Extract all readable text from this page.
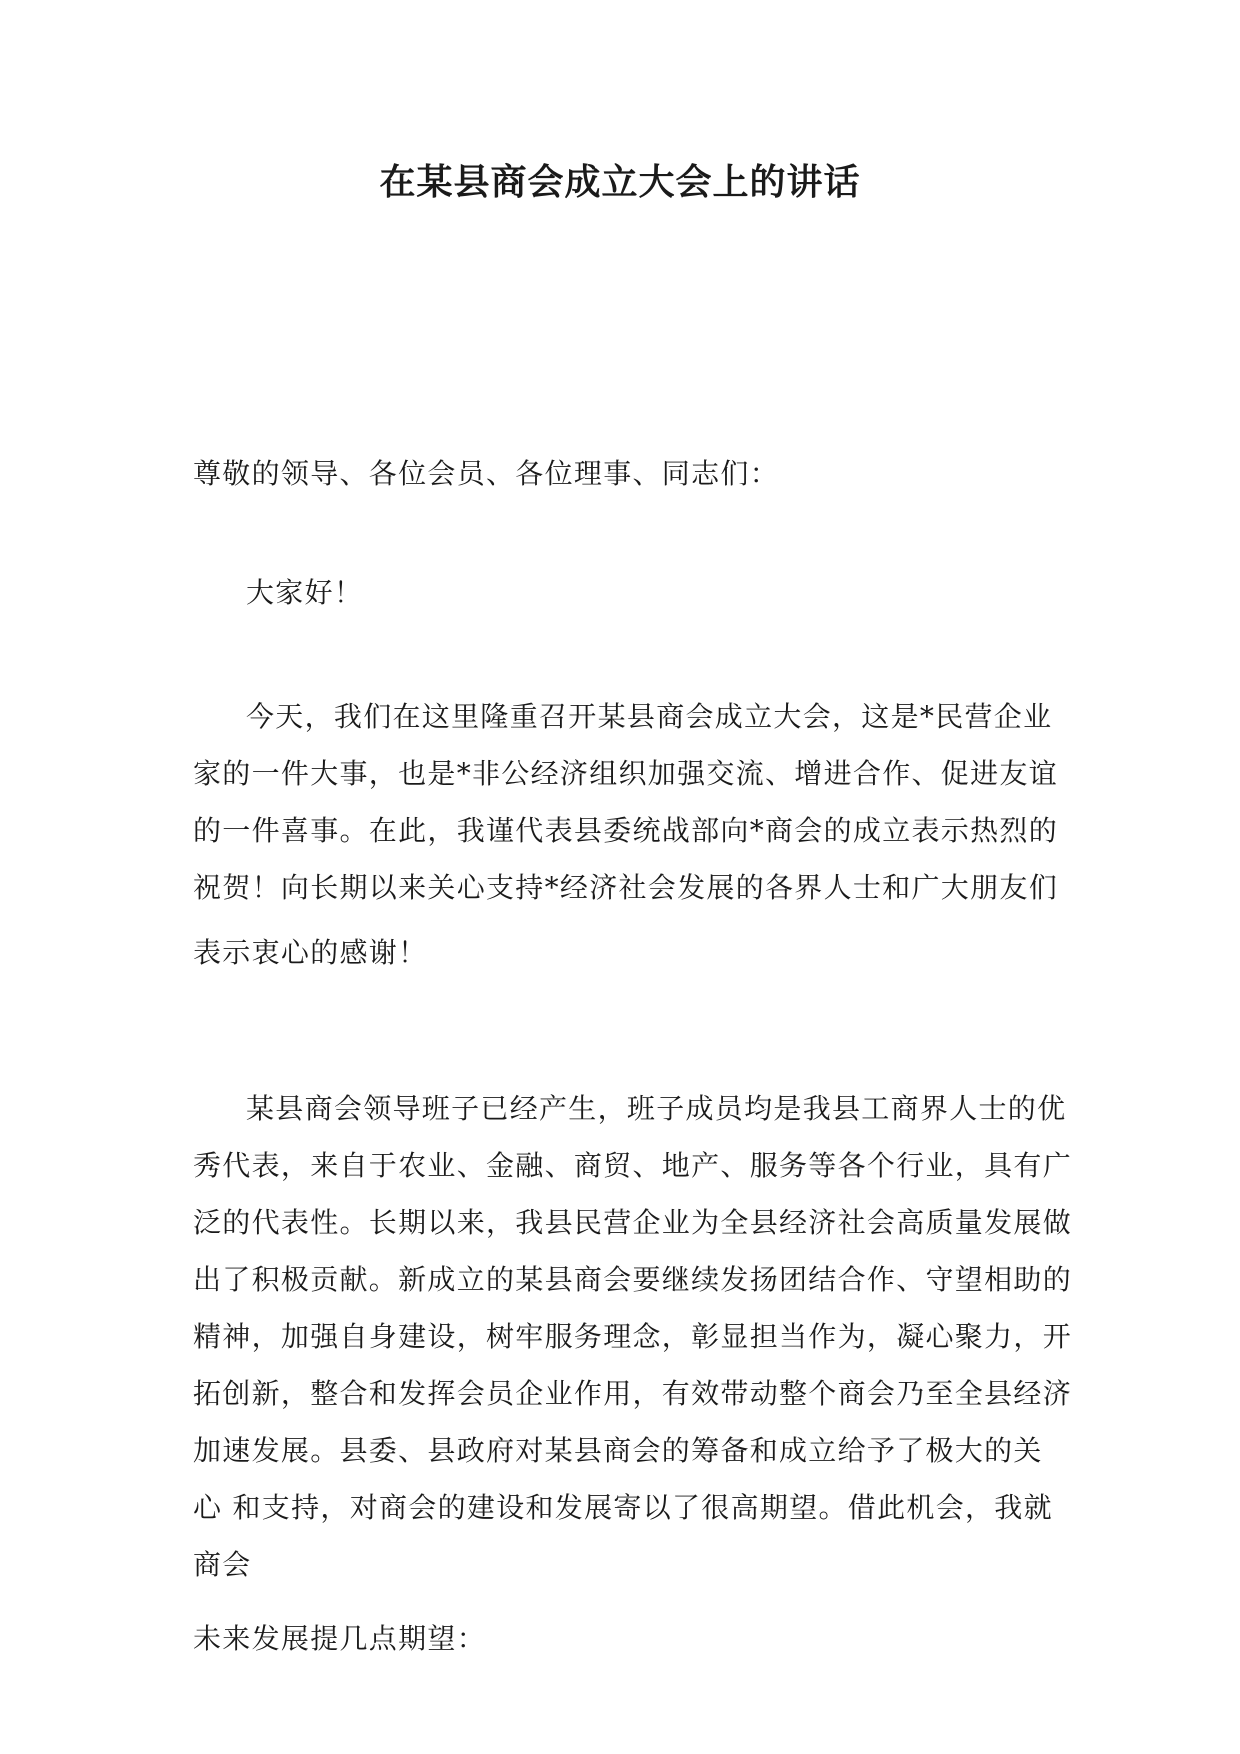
在某县商会成立大会上的讲话
尊敬的领导、各位会员、各位理事、同志们：
大家好！
今天，我们在这里隆重召开某县商会成立大会，这是*民营企业
家的一件大事，也是*非公经济组织加强交流、增进合作、促进友谊
的一件喜事。在此，我谨代表县委统战部向*商会的成立表示热烈的
祝贺！向长期以来关心支持*经济社会发展的各界人士和广大朋友们
表示衷心的感谢！
某县商会领导班子已经产生，班子成员均是我县工商界人士的优
秀代表，来自于农业、金融、商贸、地产、服务等各个行业，具有广
泛的代表性。长期以来，我县民营企业为全县经济社会高质量发展做
出了积极贡献。新成立的某县商会要继续发扬团结合作、守望相助的
精神，加强自身建设，树牢服务理念，彰显担当作为，凝心聚力，开
拓创新，整合和发挥会员企业作用，有效带动整个商会乃至全县经济
加速发展。县委、县政府对某县商会的筹备和成立给予了极大的关
心 和支持，对商会的建设和发展寄以了很高期望。借此机会，我就
商会
未来发展提几点期望：
